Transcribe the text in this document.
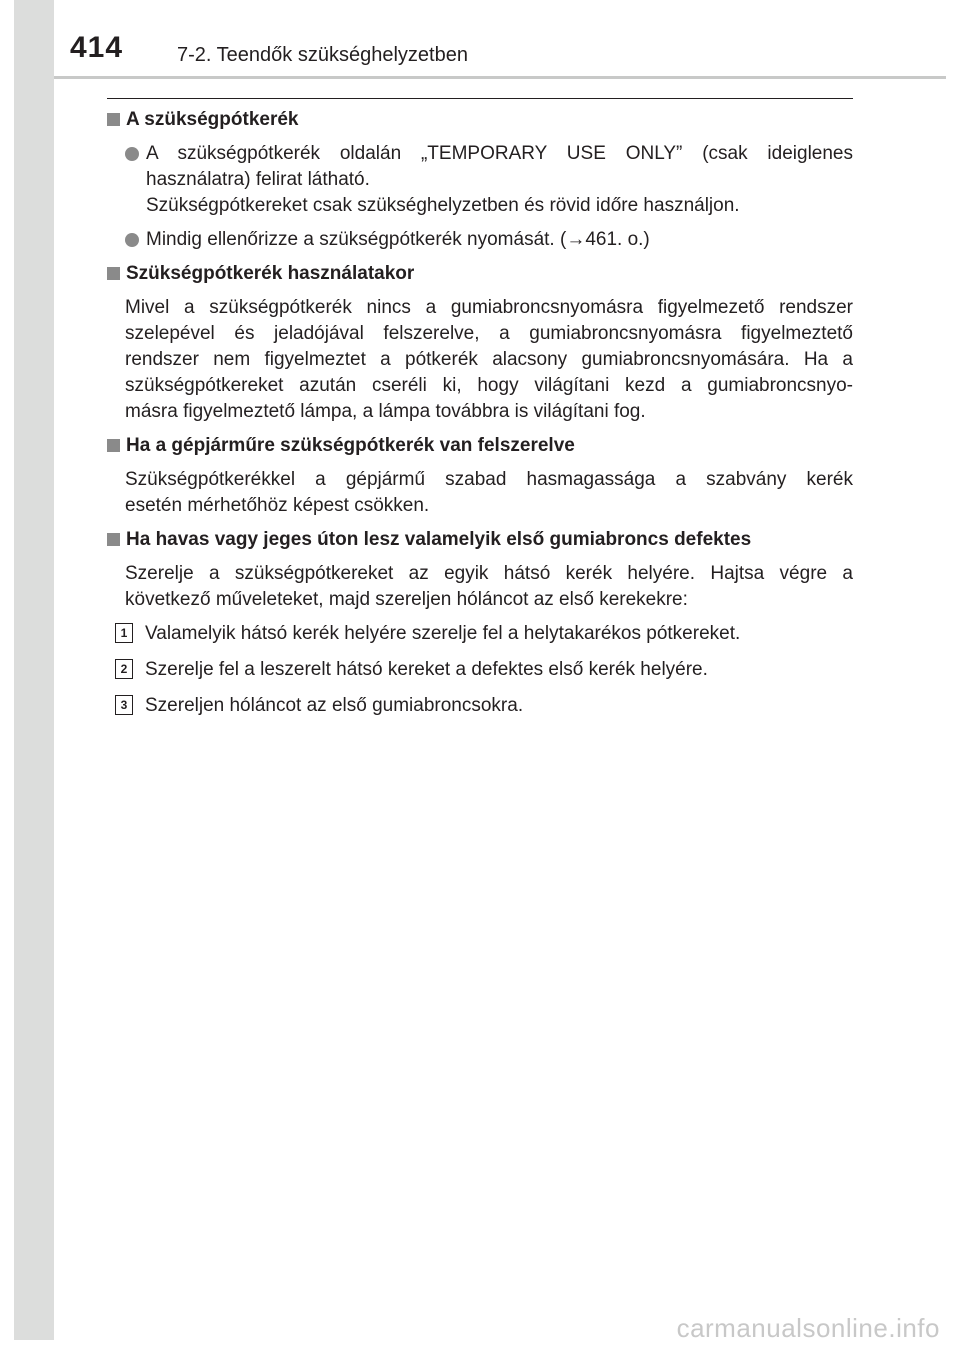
414	7-2. Teendők szükséghelyzetben
A szükségpótkerék
A szükségpótkerék oldalán „TEMPORARY USE ONLY” (csak ideiglenes
használatra) felirat látható.
Szükségpótkereket csak szükséghelyzetben és rövid időre használjon.
Mindig ellenőrizze a szükségpótkerék nyomását. (→461. o.)
Szükségpótkerék használatakor
Mivel a szükségpótkerék nincs a gumiabroncsnyomásra figyelmezető rendszer
szelepével és jeladójával felszerelve, a gumiabroncsnyomásra figyelmeztető
rendszer nem figyelmeztet a pótkerék alacsony gumiabroncsnyomására. Ha a
szükségpótkereket azután cseréli ki, hogy világítani kezd a gumiabroncsnyo-
másra figyelmeztető lámpa, a lámpa továbbra is világítani fog.
Ha a gépjárműre szükségpótkerék van felszerelve
Szükségpótkerékkel a gépjármű szabad hasmagassága a szabvány kerék
esetén mérhetőhöz képest csökken.
Ha havas vagy jeges úton lesz valamelyik első gumiabroncs defektes
Szerelje a szükségpótkereket az egyik hátsó kerék helyére. Hajtsa végre a
következő műveleteket, majd szereljen hóláncot az első kerekekre:
1 Valamelyik hátsó kerék helyére szerelje fel a helytakarékos pótkereket.
2 Szerelje fel a leszerelt hátsó kereket a defektes első kerék helyére.
3 Szereljen hóláncot az első gumiabroncsokra.
carmanualsonline.info
